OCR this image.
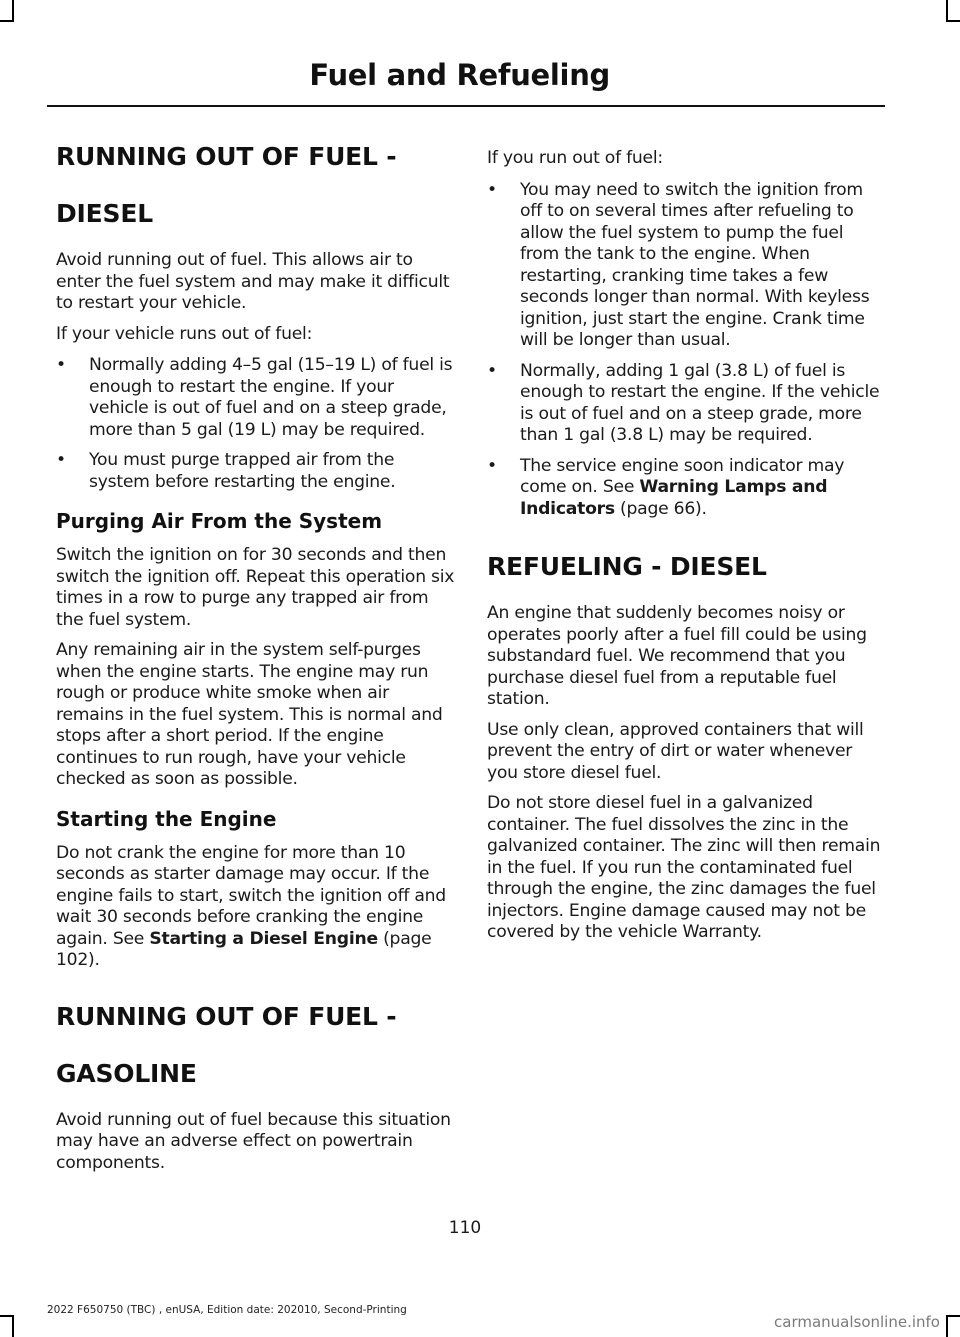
Fuel and Refueling
RUNNING OUT OF FUEL -
DIESEL

Avoid running out of fuel. This allows air to enter the fuel system and may make it difficult to restart your vehicle.

If your vehicle runs out of fuel:

• Normally adding 4–5 gal (15–19 L) of fuel is enough to restart the engine. If your vehicle is out of fuel and on a steep grade, more than 5 gal (19 L) may be required.
• You must purge trapped air from the system before restarting the engine.
Purging Air From the System

Switch the ignition on for 30 seconds and then switch the ignition off. Repeat this operation six times in a row to purge any trapped air from the fuel system.

Any remaining air in the system self-purges when the engine starts. The engine may run rough or produce white smoke when air remains in the fuel system. This is normal and stops after a short period. If the engine continues to run rough, have your vehicle checked as soon as possible.

Starting the Engine

Do not crank the engine for more than 10 seconds as starter damage may occur. If the engine fails to start, switch the ignition off and wait 30 seconds before cranking the engine again. See Starting a Diesel Engine (page 102).

RUNNING OUT OF FUEL -
GASOLINE

Avoid running out of fuel because this situation may have an adverse effect on powertrain components.

If you run out of fuel:

• You may need to switch the ignition from off to on several times after refueling to allow the fuel system to pump the fuel from the tank to the engine. When restarting, cranking time takes a few seconds longer than normal. With keyless ignition, just start the engine. Crank time will be longer than usual.
• Normally, adding 1 gal (3.8 L) of fuel is enough to restart the engine. If the vehicle is out of fuel and on a steep grade, more than 1 gal (3.8 L) may be required.
• The service engine soon indicator may come on. See Warning Lamps and Indicators (page 66).
REFUELING - DIESEL

An engine that suddenly becomes noisy or operates poorly after a fuel fill could be using substandard fuel. We recommend that you purchase diesel fuel from a reputable fuel station.

Use only clean, approved containers that will prevent the entry of dirt or water whenever you store diesel fuel.

Do not store diesel fuel in a galvanized container. The fuel dissolves the zinc in the galvanized container. The zinc will then remain in the fuel. If you run the contaminated fuel through the engine, the zinc damages the fuel injectors. Engine damage caused may not be covered by the vehicle Warranty.

110
2022 F650750 (TBC) , enUSA, Edition date: 202010, Second-Printing
carmanualsonline.info
